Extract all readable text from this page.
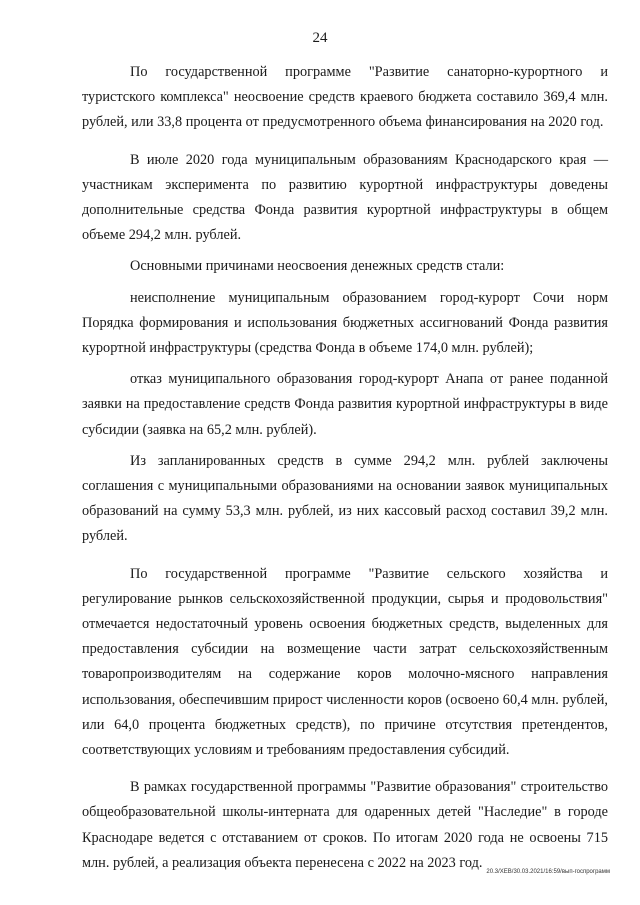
24

По государственной программе "Развитие санаторно-курортного и туристского комплекса" неосвоение средств краевого бюджета составило 369,4 млн. рублей, или 33,8 процента от предусмотренного объема финансирования на 2020 год.

В июле 2020 года муниципальным образованиям Краснодарского края — участникам эксперимента по развитию курортной инфраструктуры доведены дополнительные средства Фонда развития курортной инфраструктуры в общем объеме 294,2 млн. рублей.

Основными причинами неосвоения денежных средств стали:

неисполнение муниципальным образованием город-курорт Сочи норм Порядка формирования и использования бюджетных ассигнований Фонда развития курортной инфраструктуры (средства Фонда в объеме 174,0 млн. рублей);

отказ муниципального образования город-курорт Анапа от ранее поданной заявки на предоставление средств Фонда развития курортной инфраструктуры в виде субсидии (заявка на 65,2 млн. рублей).

Из запланированных средств в сумме 294,2 млн. рублей заключены соглашения с муниципальными образованиями на основании заявок муниципальных образований на сумму 53,3 млн. рублей, из них кассовый расход составил 39,2 млн. рублей.

По государственной программе "Развитие сельского хозяйства и регулирование рынков сельскохозяйственной продукции, сырья и продовольствия" отмечается недостаточный уровень освоения бюджетных средств, выделенных для предоставления субсидии на возмещение части затрат сельскохозяйственным товаропроизводителям на содержание коров молочно-мясного направления использования, обеспечившим прирост численности коров (освоено 60,4 млн. рублей, или 64,0 процента бюджетных средств), по причине отсутствия претендентов, соответствующих условиям и требованиям предоставления субсидий.

В рамках государственной программы "Развитие образования" строительство общеобразовательной школы-интерната для одаренных детей "Наследие" в городе Краснодаре ведется с отставанием от сроков. По итогам 2020 года не освоены 715 млн. рублей, а реализация объекта перенесена с 2022 на 2023 год.

20.3/ХЕВ/30.03.2021/16:59/вып-госпрограмм
